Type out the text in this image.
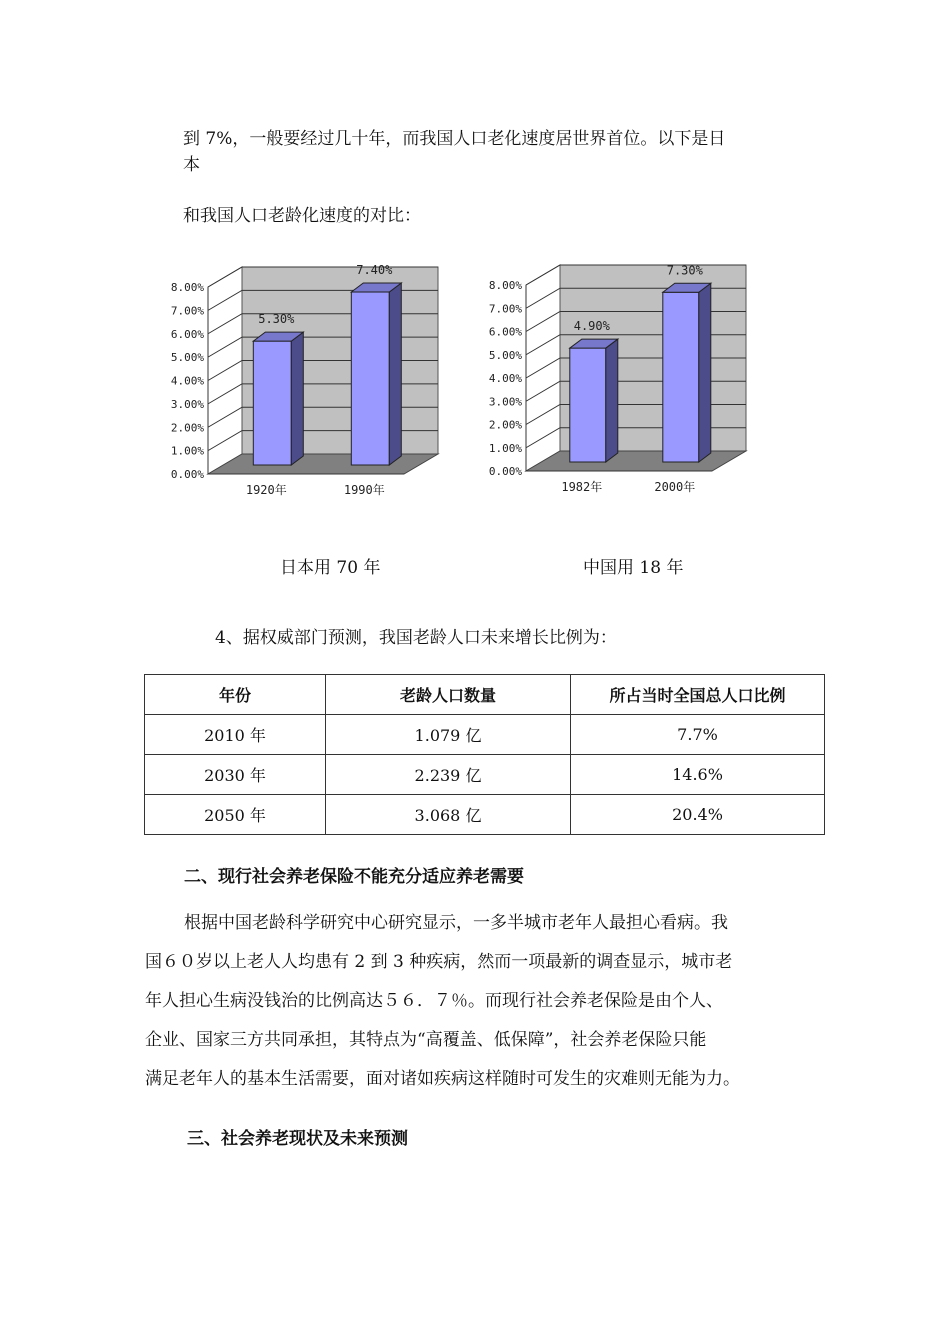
到 7%，一般要经过几十年，而我国人口老化速度居世界首位。以下是日

本

和我国人口老龄化速度的对比：

0.00%
1.00%
2.00%
3.00%
4.00%
5.00%
6.00%
7.00%
8.00%
5.30%
1920年
7.40%
1990年
0.00%
1.00%
2.00%
3.00%
4.00%
5.00%
6.00%
7.00%
8.00%
4.90%
1982年
7.30%
2000年
日本用 70 年	中国用 18 年

4、据权威部门预测，我国老龄人口未来增长比例为：

年份	老龄人口数量	所占当时全国总人口比例
2010 年	1.079 亿	7.7%
2030 年	2.239 亿	14.6%
2050 年	3.068 亿	20.4%
二、现行社会养老保险不能充分适应养老需要
根据中国老龄科学研究中心研究显示，一多半城市老年人最担心看病。我
国６０岁以上老人人均患有 2 到 3 种疾病，然而一项最新的调查显示，城市老
年人担心生病没钱治的比例高达５６．７％。而现行社会养老保险是由个人、
企业、国家三方共同承担，其特点为“高覆盖、低保障”，社会养老保险只能
满足老年人的基本生活需要，面对诸如疾病这样随时可发生的灾难则无能为力。
三、社会养老现状及未来预测
